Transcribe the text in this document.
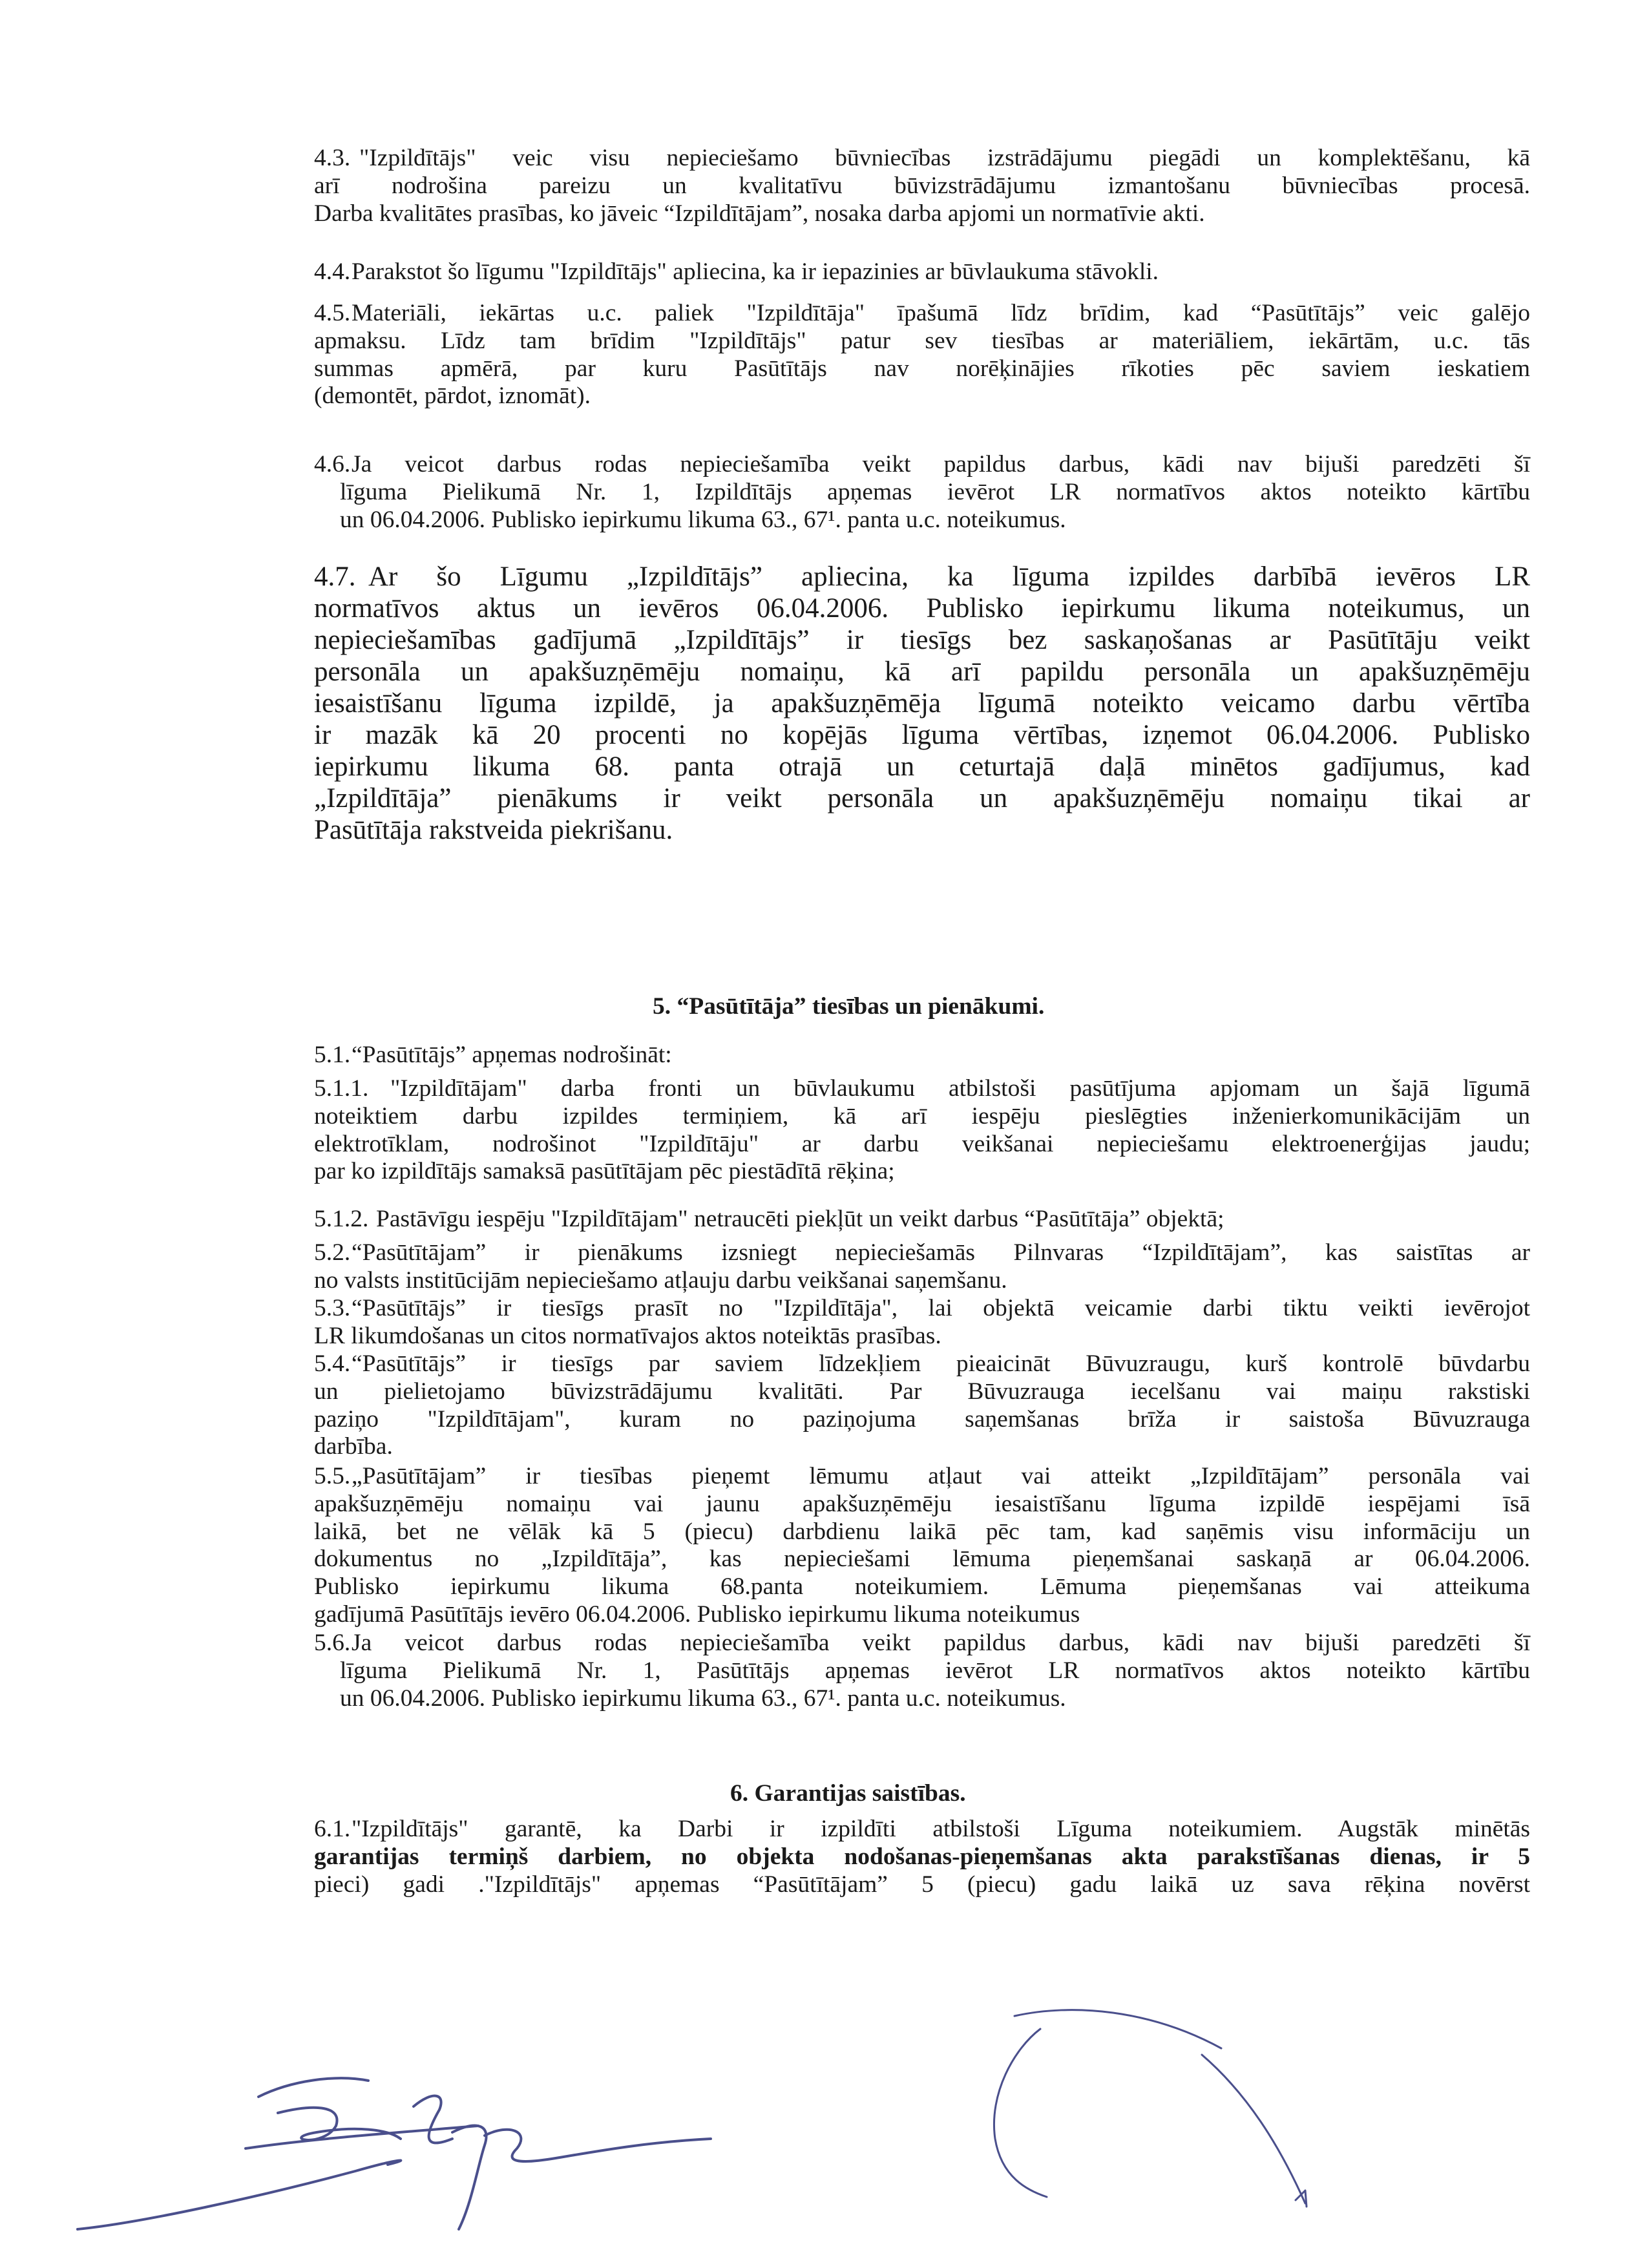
4.3. "Izpildītājs" veic visu nepieciešamo būvniecības izstrādājumu piegādi un komplektēšanu, kā
arī nodrošina pareizu un kvalitatīvu būvizstrādājumu izmantošanu būvniecības procesā.
Darba kvalitātes prasības, ko jāveic “Izpildītājam”, nosaka darba apjomi un normatīvie akti.
4.4. Parakstot šo līgumu "Izpildītājs" apliecina, ka ir iepazinies ar būvlaukuma stāvokli.
4.5. Materiāli, iekārtas u.c. paliek "Izpildītāja" īpašumā līdz brīdim, kad “Pasūtītājs” veic galējo
apmaksu. Līdz tam brīdim "Izpildītājs" patur sev tiesības ar materiāliem, iekārtām, u.c. tās
summas apmērā, par kuru Pasūtītājs nav norēķinājies rīkoties pēc saviem ieskatiem
(demontēt, pārdot, iznomāt).
4.6. Ja veicot darbus rodas nepieciešamība veikt papildus darbus, kādi nav bijuši paredzēti šī
līguma Pielikumā Nr. 1, Izpildītājs apņemas ievērot LR normatīvos aktos noteikto kārtību
un 06.04.2006. Publisko iepirkumu likuma 63., 67¹. panta u.c. noteikumus.
4.7. Ar šo Līgumu „Izpildītājs” apliecina, ka līguma izpildes darbībā ievēros LR
normatīvos aktus un ievēros 06.04.2006. Publisko iepirkumu likuma noteikumus, un
nepieciešamības gadījumā „Izpildītājs” ir tiesīgs bez saskaņošanas ar Pasūtītāju veikt
personāla un apakšuzņēmēju nomaiņu, kā arī papildu personāla un apakšuzņēmēju
iesaistīšanu līguma izpildē, ja apakšuzņēmēja līgumā noteikto veicamo darbu vērtība
ir mazāk kā 20 procenti no kopējās līguma vērtības, izņemot 06.04.2006. Publisko
iepirkumu likuma 68. panta otrajā un ceturtajā daļā minētos gadījumus, kad
„Izpildītāja” pienākums ir veikt personāla un apakšuzņēmēju nomaiņu tikai ar
Pasūtītāja rakstveida piekrišanu.
5. “Pasūtītāja” tiesības un pienākumi.
5.1. “Pasūtītājs” apņemas nodrošināt:
5.1.1. "Izpildītājam" darba fronti un būvlaukumu atbilstoši pasūtījuma apjomam un šajā līgumā
noteiktiem darbu izpildes termiņiem, kā arī iespēju pieslēgties inženierkomunikācijām un
elektrotīklam, nodrošinot "Izpildītāju" ar darbu veikšanai nepieciešamu elektroenerģijas jaudu;
par ko izpildītājs samaksā pasūtītājam pēc piestādītā rēķina;
5.1.2. Pastāvīgu iespēju "Izpildītājam" netraucēti piekļūt un veikt darbus “Pasūtītāja” objektā;
5.2. “Pasūtītājam” ir pienākums izsniegt nepieciešamās Pilnvaras “Izpildītājam”, kas saistītas ar
no valsts institūcijām nepieciešamo atļauju darbu veikšanai saņemšanu.
5.3. “Pasūtītājs” ir tiesīgs prasīt no "Izpildītāja", lai objektā veicamie darbi tiktu veikti ievērojot
LR likumdošanas un citos normatīvajos aktos noteiktās prasības.
5.4. “Pasūtītājs” ir tiesīgs par saviem līdzekļiem pieaicināt Būvuzraugu, kurš kontrolē būvdarbu
un pielietojamo būvizstrādājumu kvalitāti. Par Būvuzrauga iecelšanu vai maiņu rakstiski
paziņo "Izpildītājam", kuram no paziņojuma saņemšanas brīža ir saistoša Būvuzrauga
darbība.
5.5. „Pasūtītājam” ir tiesības pieņemt lēmumu atļaut vai atteikt „Izpildītājam” personāla vai
apakšuzņēmēju nomaiņu vai jaunu apakšuzņēmēju iesaistīšanu līguma izpildē iespējami īsā
laikā, bet ne vēlāk kā 5 (piecu) darbdienu laikā pēc tam, kad saņēmis visu informāciju un
dokumentus no „Izpildītāja”, kas nepieciešami lēmuma pieņemšanai saskaņā ar 06.04.2006.
Publisko iepirkumu likuma 68.panta noteikumiem. Lēmuma pieņemšanas vai atteikuma
gadījumā Pasūtītājs ievēro 06.04.2006. Publisko iepirkumu likuma noteikumus
5.6. Ja veicot darbus rodas nepieciešamība veikt papildus darbus, kādi nav bijuši paredzēti šī
līguma Pielikumā Nr. 1, Pasūtītājs apņemas ievērot LR normatīvos aktos noteikto kārtību
un 06.04.2006. Publisko iepirkumu likuma 63., 67¹. panta u.c. noteikumus.
6. Garantijas saistības.
6.1. "Izpildītājs" garantē, ka Darbi ir izpildīti atbilstoši Līguma noteikumiem. Augstāk minētās
garantijas termiņš darbiem, no objekta nodošanas-pieņemšanas akta parakstīšanas dienas, ir 5
pieci) gadi ."Izpildītājs" apņemas “Pasūtītājam” 5 (piecu) gadu laikā uz sava rēķina novērst
